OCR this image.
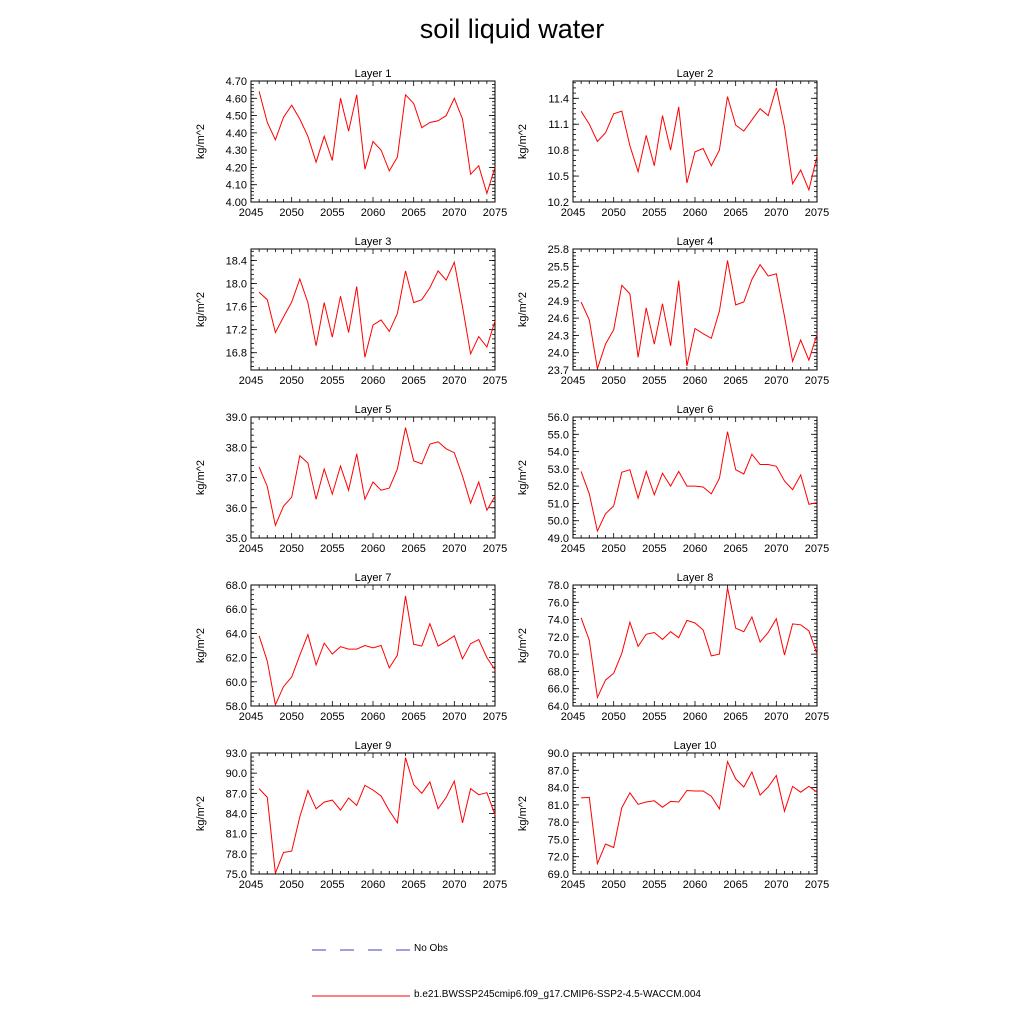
soil liquid water
Layer 1
kg/m^2
2045 2050 2055 2060 2065 2070 2075
4.00
4.10
4.20
4.30
4.40
4.50
4.60
4.70
Layer 2
kg/m^2
2045 2050 2055 2060 2065 2070 2075
10.2
10.5
10.8
11.1
11.4
Layer 3
kg/m^2
2045 2050 2055 2060 2065 2070 2075
16.8
17.2
17.6
18.0
18.4
Layer 4
kg/m^2
2045 2050 2055 2060 2065 2070 2075
23.7
24.0
24.3
24.6
24.9
25.2
25.5
25.8
Layer 5
kg/m^2
2045 2050 2055 2060 2065 2070 2075
35.0
36.0
37.0
38.0
39.0
Layer 6
kg/m^2
2045 2050 2055 2060 2065 2070 2075
49.0
50.0
51.0
52.0
53.0
54.0
55.0
56.0
Layer 7
kg/m^2
2045 2050 2055 2060 2065 2070 2075
58.0
60.0
62.0
64.0
66.0
68.0
Layer 8
kg/m^2
2045 2050 2055 2060 2065 2070 2075
64.0
66.0
68.0
70.0
72.0
74.0
76.0
78.0
Layer 9
kg/m^2
2045 2050 2055 2060 2065 2070 2075
75.0
78.0
81.0
84.0
87.0
90.0
93.0
Layer 10
kg/m^2
2045 2050 2055 2060 2065 2070 2075
69.0
72.0
75.0
78.0
81.0
84.0
87.0
90.0
No Obs
b.e21.BWSSP245cmip6.f09_g17.CMIP6-SSP2-4.5-WACCM.004
